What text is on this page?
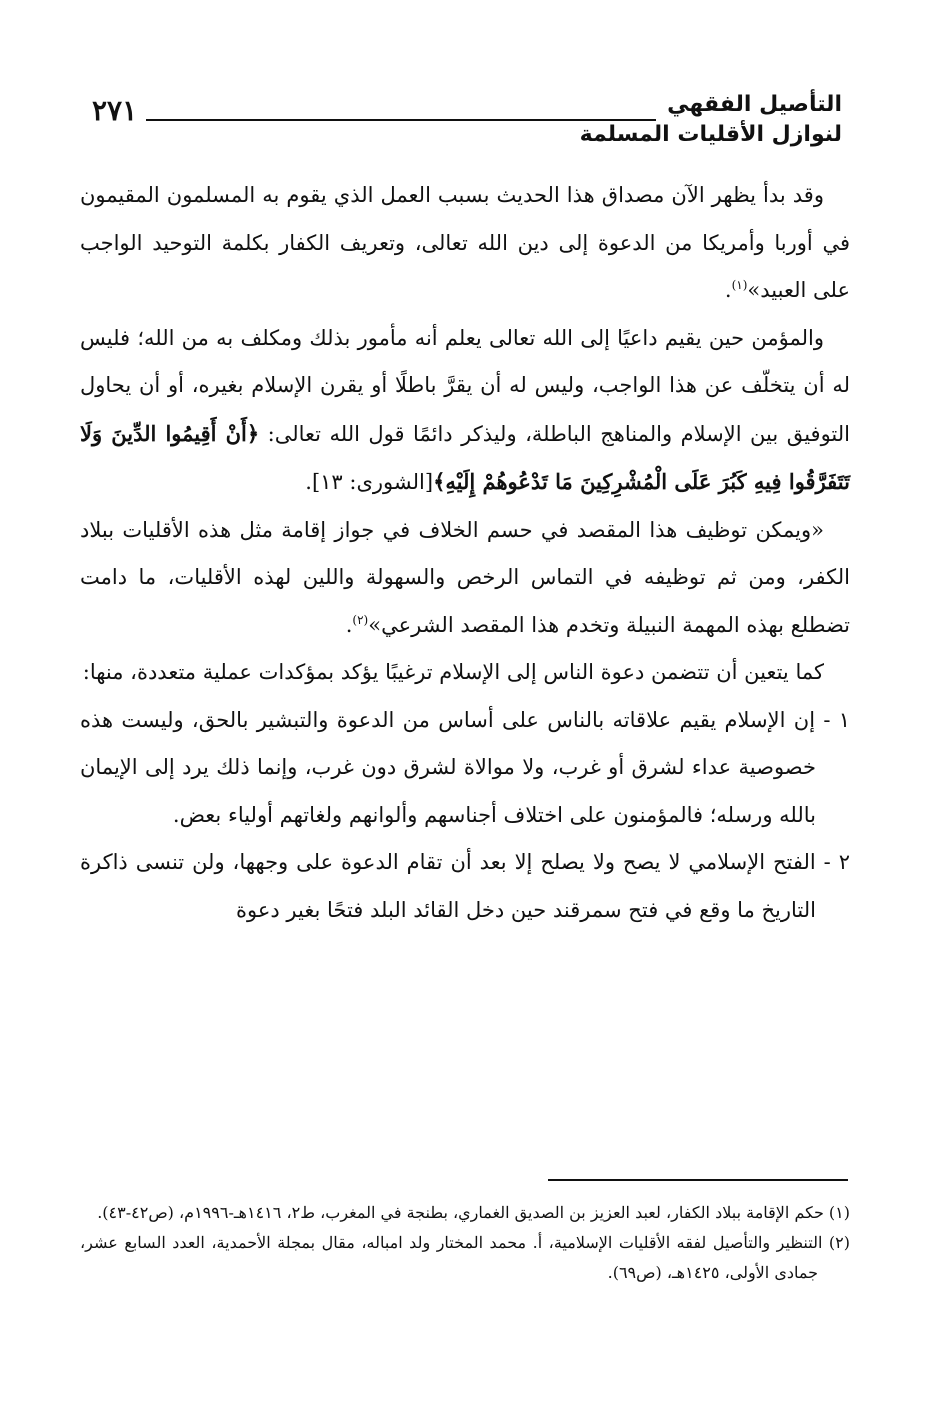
٢٧١	التأصيل الفقهي
لنوازل الأقليات المسلمة

وقد بدأ يظهر الآن مصداق هذا الحديث بسبب العمل الذي يقوم به المسلمون المقيمون في أوربا وأمريكا من الدعوة إلى دين الله تعالى، وتعريف الكفار بكلمة التوحيد الواجب على العبيد»$^{(١)}$.

والمؤمن حين يقيم داعيًا إلى الله تعالى يعلم أنه مأمور بذلك ومكلف به من الله؛ فليس له أن يتخلّف عن هذا الواجب، وليس له أن يقرَّ باطلًا أو يقرن الإسلام بغيره، أو أن يحاول التوفيق بين الإسلام والمناهج الباطلة، وليذكر دائمًا قول الله تعالى: ﴿أَنْ أَقِيمُوا الدِّينَ وَلَا تَتَفَرَّقُوا فِيهِ كَبُرَ عَلَى الْمُشْرِكِينَ مَا تَدْعُوهُمْ إِلَيْهِ﴾[الشورى: ١٣].

«ويمكن توظيف هذا المقصد في حسم الخلاف في جواز إقامة مثل هذه الأقليات ببلاد الكفر، ومن ثم توظيفه في التماس الرخص والسهولة واللين لهذه الأقليات، ما دامت تضطلع بهذه المهمة النبيلة وتخدم هذا المقصد الشرعي»$^{(٢)}$.

كما يتعين أن تتضمن دعوة الناس إلى الإسلام ترغيبًا يؤكد بمؤكدات عملية متعددة، منها:

١ - إن الإسلام يقيم علاقاته بالناس على أساس من الدعوة والتبشير بالحق، وليست هذه خصوصية عداء لشرق أو غرب، ولا موالاة لشرق دون غرب، وإنما ذلك يرد إلى الإيمان بالله ورسله؛ فالمؤمنون على اختلاف أجناسهم وألوانهم ولغاتهم أولياء بعض.

٢ - الفتح الإسلامي لا يصح ولا يصلح إلا بعد أن تقام الدعوة على وجهها، ولن تنسى ذاكرة التاريخ ما وقع في فتح سمرقند حين دخل القائد البلد فتحًا بغير دعوة

(١) حكم الإقامة ببلاد الكفار، لعبد العزيز بن الصديق الغماري، بطنجة في المغرب، ط٢، ١٤١٦هـ-١٩٩٦م، (ص٤٢-٤٣).

(٢) التنظير والتأصيل لفقه الأقليات الإسلامية، أ. محمد المختار ولد امباله، مقال بمجلة الأحمدية، العدد السابع عشر، جمادى الأولى، ١٤٢٥هـ، (ص٦٩).
